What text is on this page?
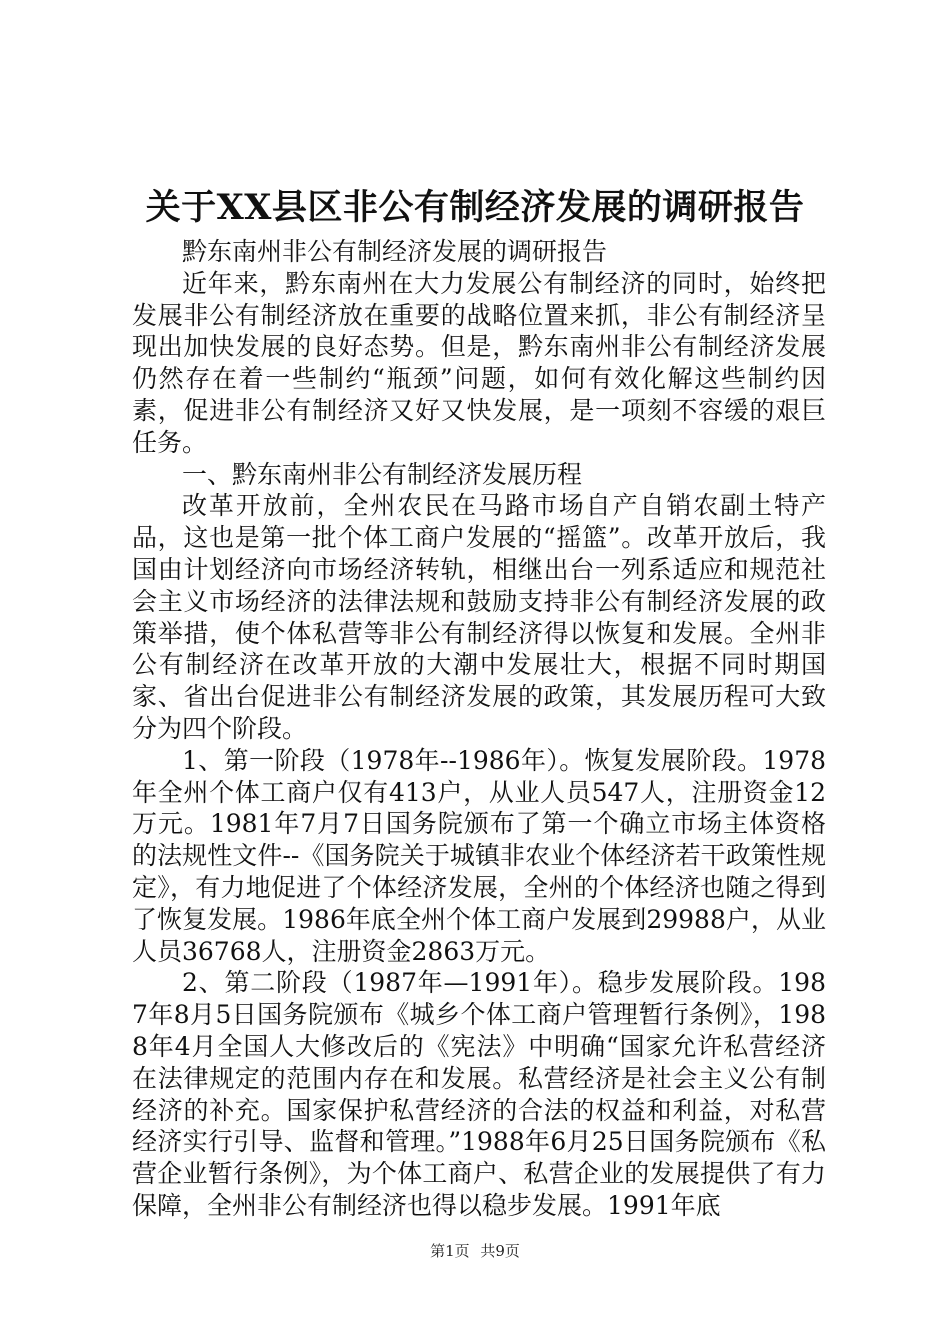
关于XX县区非公有制经济发展的调研报告

黔东南州非公有制经济发展的调研报告

近年来，黔东南州在大力发展公有制经济的同时，始终把发展非公有制经济放在重要的战略位置来抓，非公有制经济呈现出加快发展的良好态势。但是，黔东南州非公有制经济发展仍然存在着一些制约“瓶颈”问题，如何有效化解这些制约因素，促进非公有制经济又好又快发展，是一项刻不容缓的艰巨任务。

一、黔东南州非公有制经济发展历程

改革开放前，全州农民在马路市场自产自销农副土特产品，这也是第一批个体工商户发展的“摇篮”。改革开放后，我国由计划经济向市场经济转轨，相继出台一列系适应和规范社会主义市场经济的法律法规和鼓励支持非公有制经济发展的政策举措，使个体私营等非公有制经济得以恢复和发展。全州非公有制经济在改革开放的大潮中发展壮大，根据不同时期国家、省出台促进非公有制经济发展的政策，其发展历程可大致分为四个阶段。

1、第一阶段（1978年--1986年）。恢复发展阶段。1978年全州个体工商户仅有413户，从业人员547人，注册资金12万元。1981年7月7日国务院颁布了第一个确立市场主体资格的法规性文件--《国务院关于城镇非农业个体经济若干政策性规定》，有力地促进了个体经济发展，全州的个体经济也随之得到了恢复发展。1986年底全州个体工商户发展到29988户，从业人员36768人，注册资金2863万元。

2、第二阶段（1987年—1991年）。稳步发展阶段。1987年8月5日国务院颁布《城乡个体工商户管理暂行条例》，1988年4月全国人大修改后的《宪法》中明确“国家允许私营经济在法律规定的范围内存在和发展。私营经济是社会主义公有制经济的补充。国家保护私营经济的合法的权益和利益，对私营经济实行引导、监督和管理。”1988年6月25日国务院颁布《私营企业暂行条例》，为个体工商户、私营企业的发展提供了有力保障，全州非公有制经济也得以稳步发展。1991年底

第1页 共9页
